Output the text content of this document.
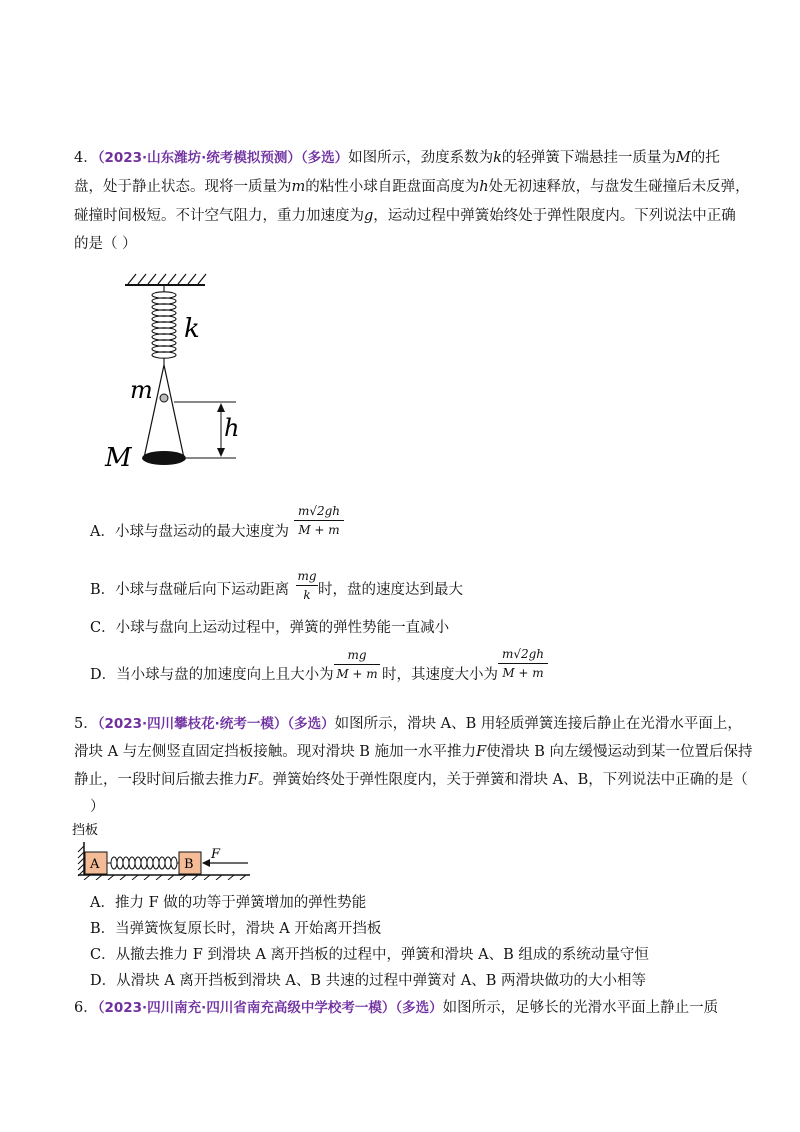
4．（2023·山东潍坊·统考模拟预测）（多选）如图所示，劲度系数为k的轻弹簧下端悬挂一质量为M的托
盘，处于静止状态。现将一质量为m的粘性小球自距盘面高度为h处无初速释放，与盘发生碰撞后未反弹，
碰撞时间极短。不计空气阻力，重力加速度为g，运动过程中弹簧始终处于弹性限度内。下列说法中正确
的是（ ）
k
m
h
M
A．小球与盘运动的最大速度为
m√2gh
M + m
B．小球与盘碰后向下运动距离
mg
k 时，盘的速度达到最大
C．小球与盘向上运动过程中，弹簧的弹性势能一直减小
D．当小球与盘的加速度向上且大小为
mg
M + m 时，其速度大小为
m√2gh
M + m
5．（2023·四川攀枝花·统考一模）（多选）如图所示，滑块 A、B 用轻质弹簧连接后静止在光滑水平面上，
滑块 A 与左侧竖直固定挡板接触。现对滑块 B 施加一水平推力F使滑块 B 向左缓慢运动到某一位置后保持
静止，一段时间后撤去推力F。弹簧始终处于弹性限度内，关于弹簧和滑块 A、B，下列说法中正确的是（
）
挡板
A	B
F
A．推力 F 做的功等于弹簧增加的弹性势能
B．当弹簧恢复原长时，滑块 A 开始离开挡板
C．从撤去推力 F 到滑块 A 离开挡板的过程中，弹簧和滑块 A、B 组成的系统动量守恒
D．从滑块 A 离开挡板到滑块 A、B 共速的过程中弹簧对 A、B 两滑块做功的大小相等
6．（2023·四川南充·四川省南充高级中学校考一模）（多选）如图所示，足够长的光滑水平面上静止一质
